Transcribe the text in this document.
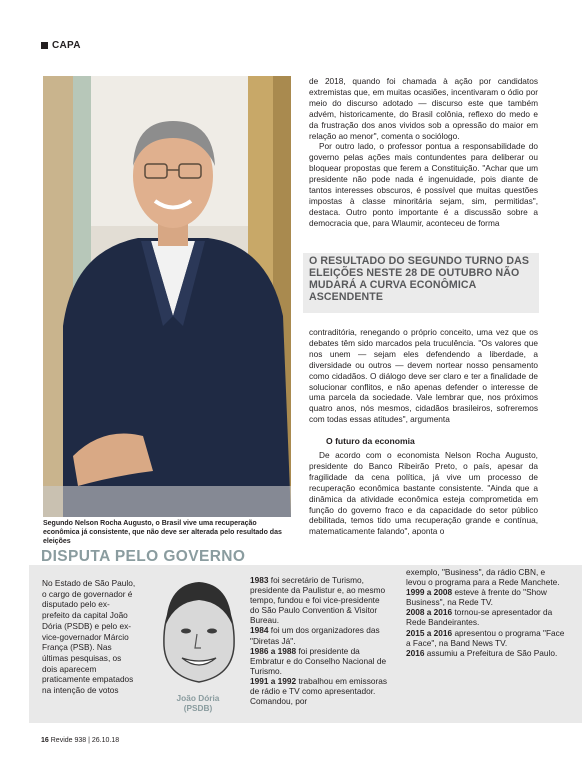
CAPA
Segundo Nelson Rocha Augusto, o Brasil vive uma recuperação econômica já consistente, que não deve ser alterada pelo resultado das eleições

de 2018, quando foi chamada à ação por candidatos extremistas que, em muitas ocasiões, incentivaram o ódio por meio do discurso adotado — discurso este que também advém, historicamente, do Brasil colônia, reflexo do medo e da frustração dos anos vividos sob a opressão do maior em relação ao menor", comenta o sociólogo.

Por outro lado, o professor pontua a responsabilidade do governo pelas ações mais contundentes para deliberar ou bloquear propostas que ferem a Constituição. "Achar que um presidente não pode nada é ingenuidade, pois diante de tantos interesses obscuros, é possível que muitas questões impostas à classe minoritária sejam, sim, permitidas", destaca. Outro ponto importante é a discussão sobre a democracia que, para Wlaumir, aconteceu de forma

O RESULTADO DO SEGUNDO TURNO DAS ELEIÇÕES NESTE 28 DE OUTUBRO NÃO MUDARÁ A CURVA ECONÔMICA ASCENDENTE

contraditória, renegando o próprio conceito, uma vez que os debates têm sido marcados pela truculência. "Os valores que nos unem — sejam eles defendendo a liberdade, a diversidade ou outros — devem nortear nosso pensamento como cidadãos. O diálogo deve ser claro e ter a finalidade de solucionar conflitos, e não apenas defender o interesse de uma parcela da sociedade. Vale lembrar que, nos próximos quatro anos, nós mesmos, cidadãos brasileiros, sofreremos com todas essas atitudes", argumenta

O futuro da economia

De acordo com o economista Nelson Rocha Augusto, presidente do Banco Ribeirão Preto, o país, apesar da fragilidade da cena política, já vive um processo de recuperação econômica bastante consistente. "Ainda que a dinâmica da atividade econômica esteja comprometida em função do governo fraco e da capacidade do setor público debilitada, temos tido uma recuperação grande e contínua, matematicamente falando", aponta o

DISPUTA PELO GOVERNO
No Estado de São Paulo, o cargo de governador é disputado pelo ex-prefeito da capital João Dória (PSDB) e pelo ex-vice-governador Márcio França (PSB). Nas últimas pesquisas, os dois aparecem praticamente empatados na intenção de votos
João Dória
(PSDB)

1983 foi secretário de Turismo, presidente da Paulistur e, ao mesmo tempo, fundou e foi vice-presidente do São Paulo Convention & Visitor Bureau.

1984 foi um dos organizadores das "Diretas Já".

1986 a 1988 foi presidente da Embratur e do Conselho Nacional de Turismo.

1991 a 1992 trabalhou em emissoras de rádio e TV como apresentador. Comandou, por

exemplo, "Business", da rádio CBN, e levou o programa para a Rede Manchete.

1999 a 2008 esteve à frente do "Show Business", na Rede TV.

2008 a 2016 tornou-se apresentador da Rede Bandeirantes.

2015 a 2016 apresentou o programa "Face a Face", na Band News TV.

2016 assumiu a Prefeitura de São Paulo.

16 Revide 938 | 26.10.18
